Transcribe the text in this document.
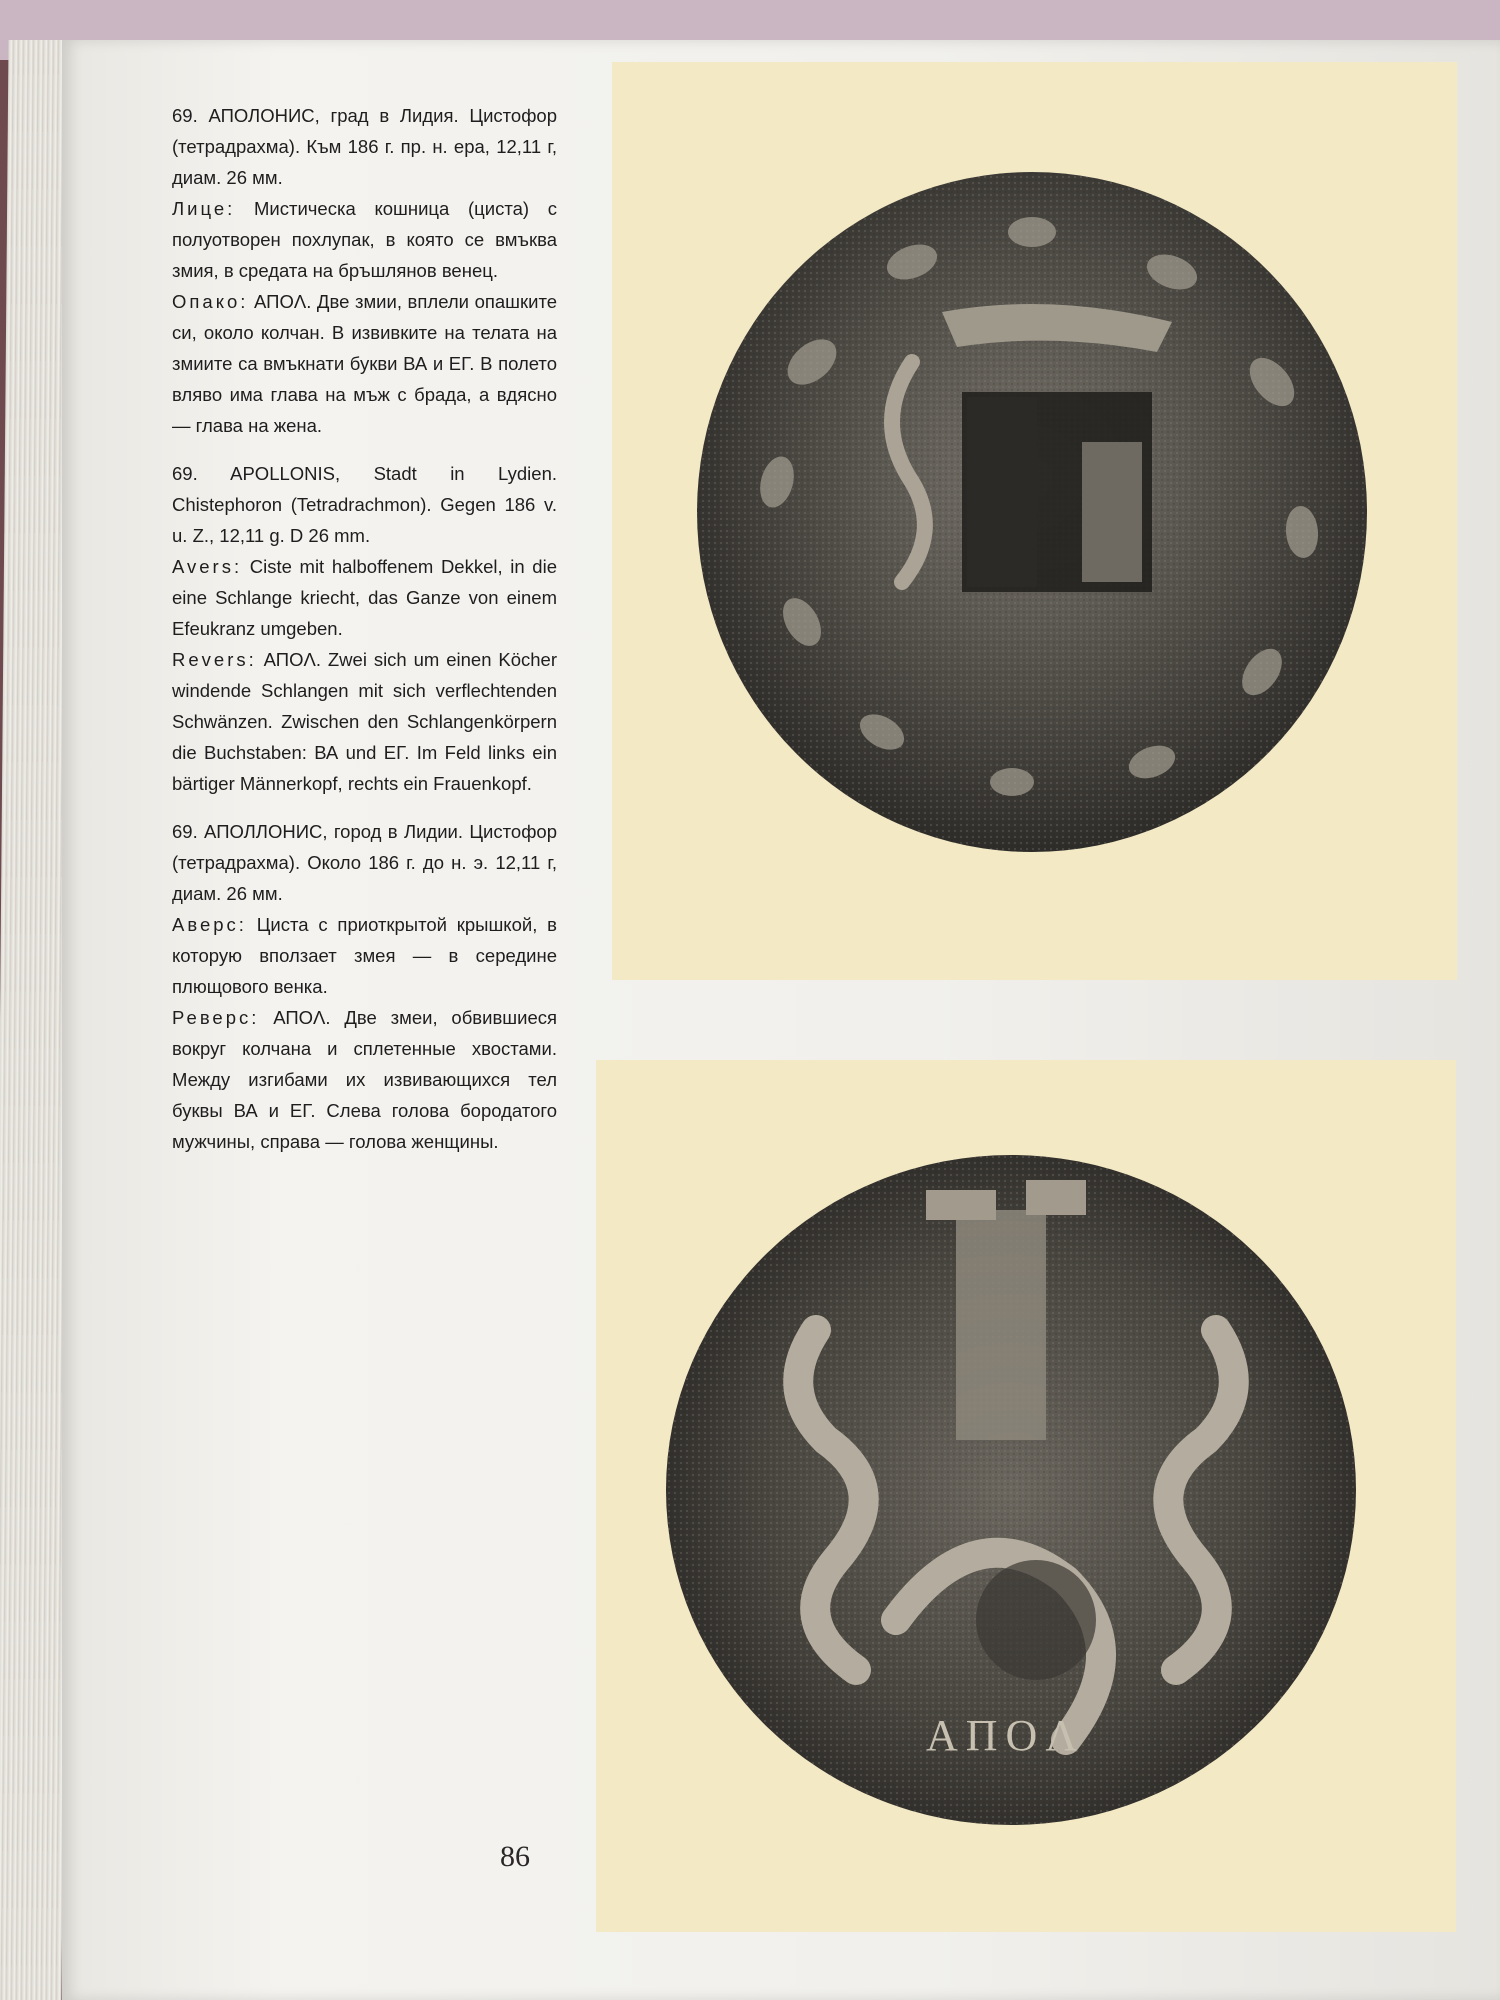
69. АПОЛОНИС, град в Лидия. Цистофор (тетрадрахма). Към 186 г. пр. н. ера, 12,11 г, диам. 26 мм.

Лице: Мистическа кошница (циста) с полуотворен похлупак, в която се вмъква змия, в средата на бръшлянов венец.

Опако: АПОΛ. Две змии, вплели опашките си, около колчан. В извивките на телата на змиите са вмъкнати букви ВА и ЕΓ. В полето вляво има глава на мъж с брада, а вдясно — глава на жена.

69. APOLLONIS, Stadt in Lydien. Chistephoron (Tetradrachmon). Gegen 186 v. u. Z., 12,11 g. D 26 mm.

Avers: Ciste mit halboffenem Dekkel, in die eine Schlange kriecht, das Ganze von einem Efeukranz umgeben.

Revers: АПОΛ. Zwei sich um einen Köcher windende Schlangen mit sich verflechtenden Schwänzen. Zwischen den Schlangenkörpern die Buchstaben: ВА und ЕΓ. Im Feld links ein bärtiger Männerkopf, rechts ein Frauenkopf.

69. АПОЛЛОНИС, город в Лидии. Цистофор (тетрадрахма). Около 186 г. до н. э. 12,11 г, диам. 26 мм.

Аверс: Циста с приоткрытой крышкой, в которую вползает змея — в середине плющового венка.

Реверс: АПОΛ. Две змеи, обвившиеся вокруг колчана и сплетенные хвостами. Между изгибами их извивающихся тел буквы ВА и ЕΓ. Слева голова бородатого мужчины, справа — голова женщины.

АПОΛ
86
